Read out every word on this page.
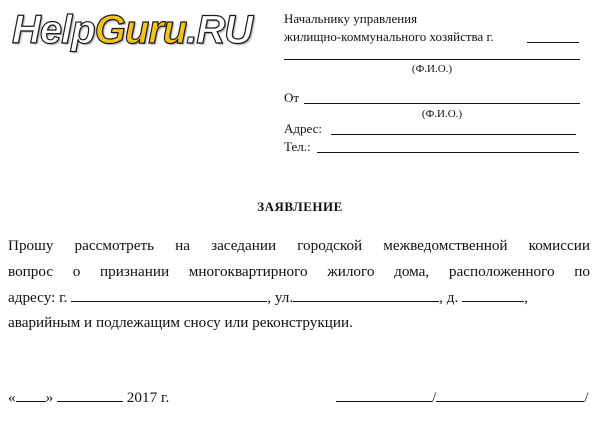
HelpGuru.RU Начальнику управления
жилищно-коммунального хозяйства г.
(Ф.И.О.)
От
(Ф.И.О.)
Адрес:
Тел.:
ЗАЯВЛЕНИЕ
Прошу рассмотреть на заседании городской межведомственной комиссии
вопрос о признании многоквартирного жилого дома, расположенного по
адресу: г.	, ул.	, д.	,
аварийным и подлежащим сносу или реконструкции.
« »	2017 г.	/	/
